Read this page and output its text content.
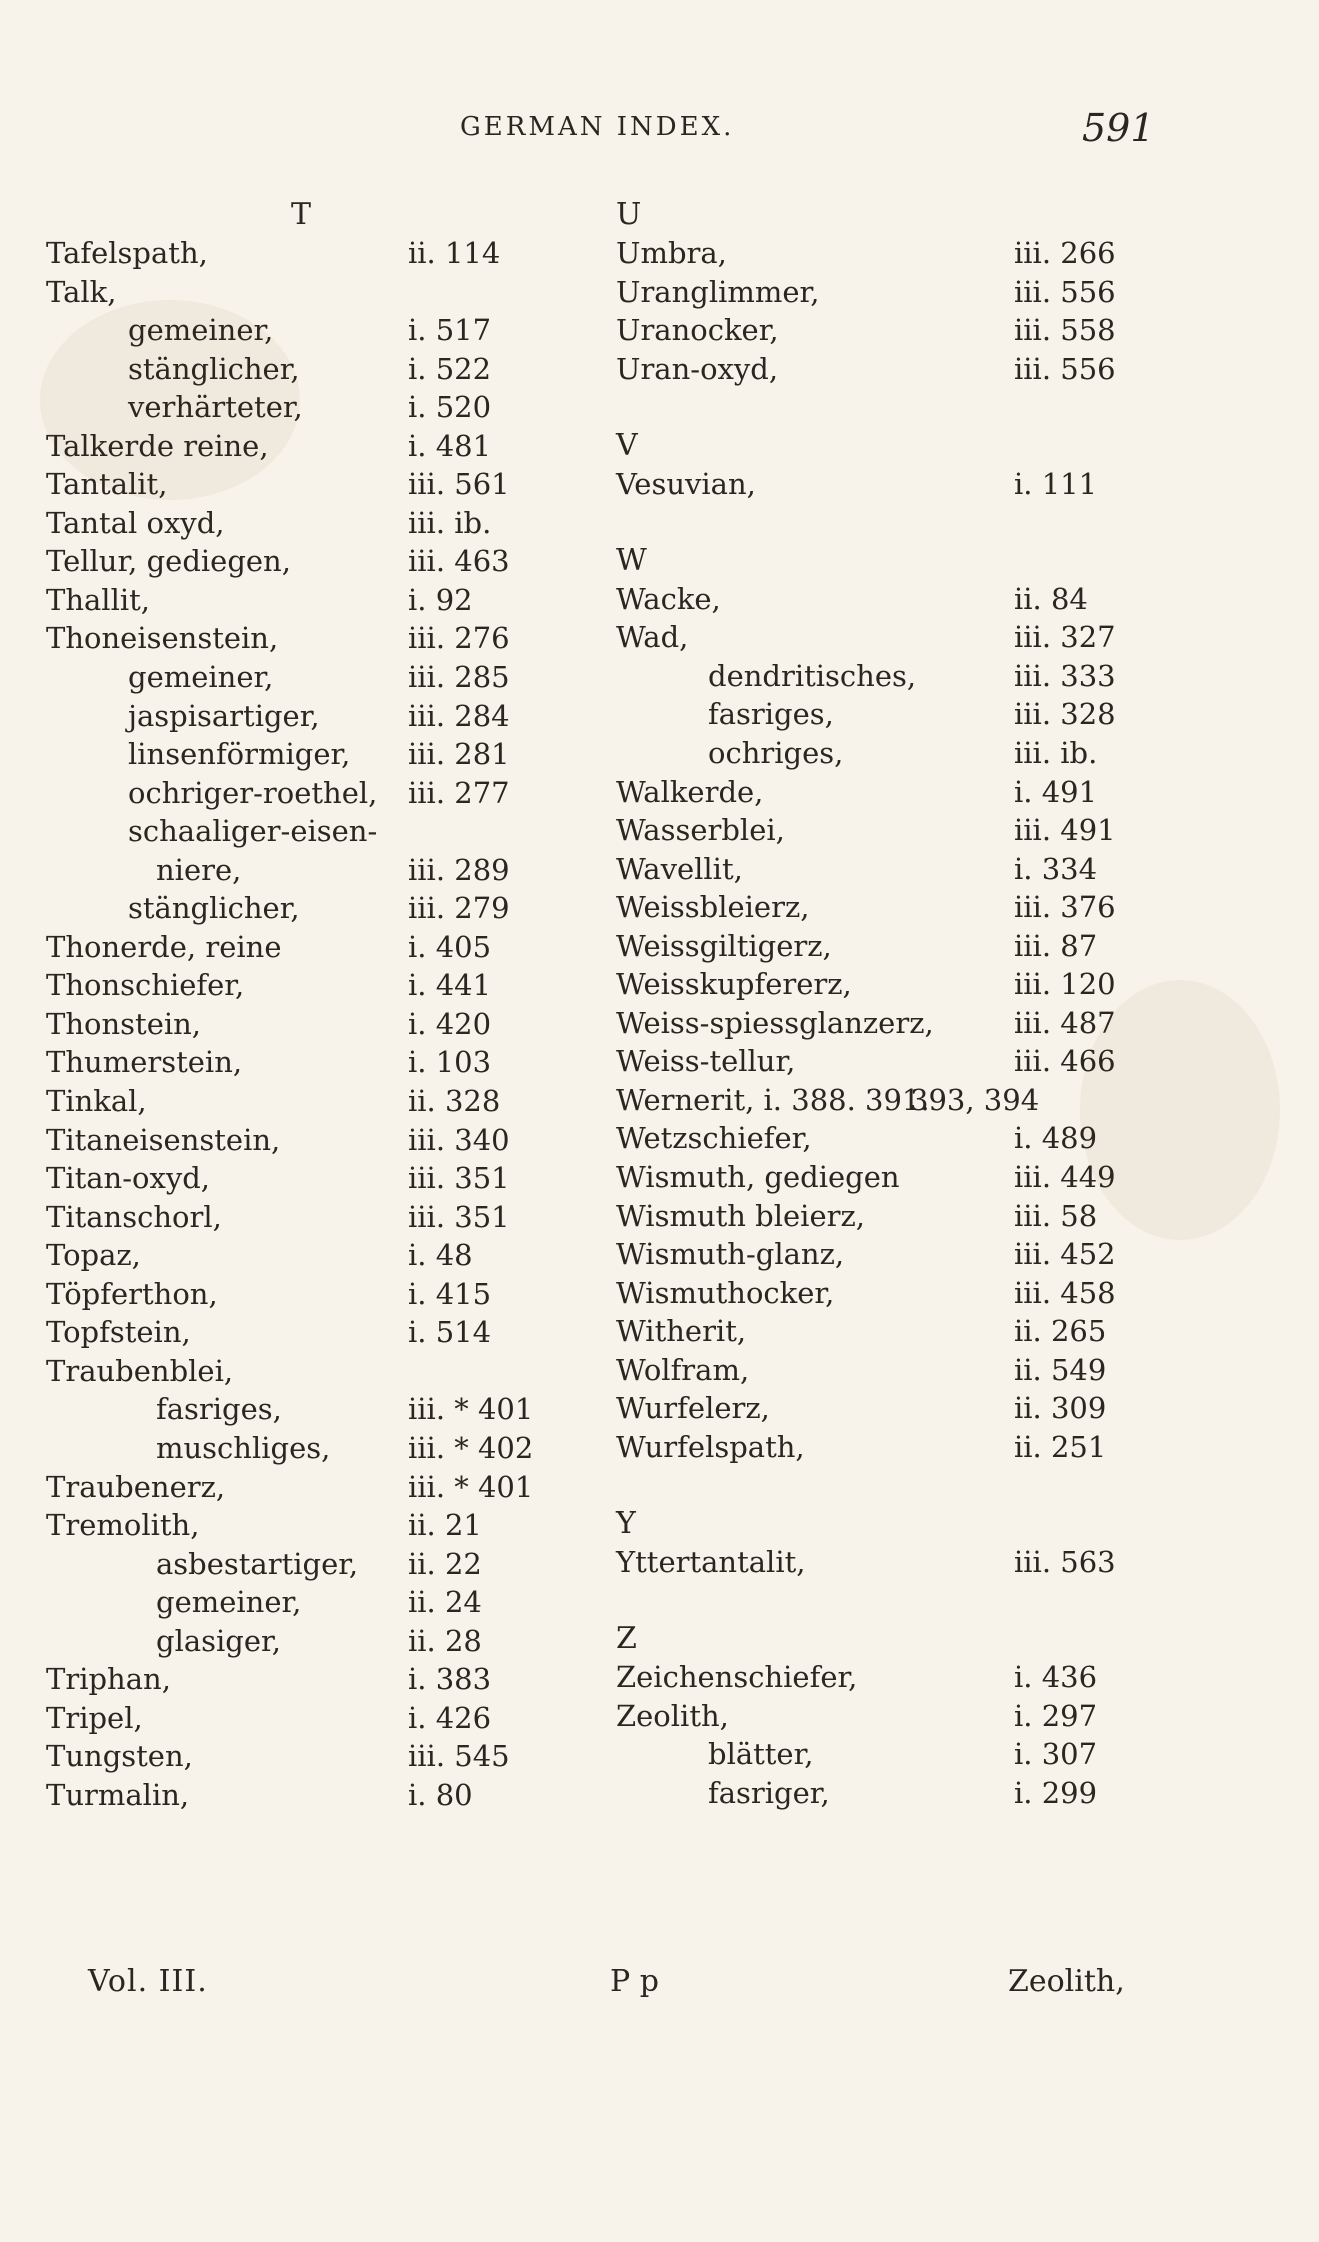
GERMAN INDEX.	591
T
Tafelspath,	ii. 114
Talk,
gemeiner,	i. 517
stänglicher,	i. 522
verhärteter,	i. 520
Talkerde reine,	i. 481
Tantalit,	iii. 561
Tantal oxyd,	iii. ib.
Tellur, gediegen,	iii. 463
Thallit,	i. 92
Thoneisenstein,	iii. 276
gemeiner,	iii. 285
jaspisartiger,	iii. 284
linsenförmiger, iii. 281
ochriger-roethel, iii. 277
schaaliger-eisen-
niere,	iii. 289
stänglicher,	iii. 279
Thonerde, reine	i. 405
Thonschiefer,	i. 441
Thonstein,	i. 420
Thumerstein,	i. 103
Tinkal,	ii. 328
Titaneisenstein,	iii. 340
Titan-oxyd,	iii. 351
Titanschorl,	iii. 351
Topaz,	i. 48
Töpferthon,	i. 415
Topfstein,	i. 514
Traubenblei,
fasriges,	iii. * 401
muschliges,	iii. * 402
Traubenerz,	iii. * 401
Tremolith,	ii. 21
asbestartiger, ii. 22
gemeiner,	ii. 24
glasiger,	ii. 28
Triphan,	i. 383
Tripel,	i. 426
Tungsten,	iii. 545
Turmalin,	i. 80
U
Umbra,	iii. 266
Uranglimmer,	iii. 556
Uranocker,	iii. 558
Uran-oxyd,	iii. 556
V
Vesuvian,	i. 111
W
Wacke,	ii. 84
Wad,	iii. 327
dendritisches,	iii. 333
fasriges,	iii. 328
ochriges,	iii. ib.
Walkerde,	i. 491
Wasserblei,	iii. 491
Wavellit,	i. 334
Weissbleierz,	iii. 376
Weissgiltigerz,	iii. 87
Weisskupfererz,	iii. 120
Weiss-spiessglanzerz,	iii. 487
Weiss-tellur,	iii. 466
Wernerit, i. 388. 391.
393, 394
Wetzschiefer,	i. 489
Wismuth, gediegen	iii. 449
Wismuth bleierz,	iii. 58
Wismuth-glanz,	iii. 452
Wismuthocker,	iii. 458
Witherit,	ii. 265
Wolfram,	ii. 549
Wurfelerz,	ii. 309
Wurfelspath,	ii. 251
Y
Yttertantalit,	iii. 563
Z
Zeichenschiefer,	i. 436
Zeolith,	i. 297
blätter,	i. 307
fasriger,	i. 299
Vol. III.	P p	Zeolith,
